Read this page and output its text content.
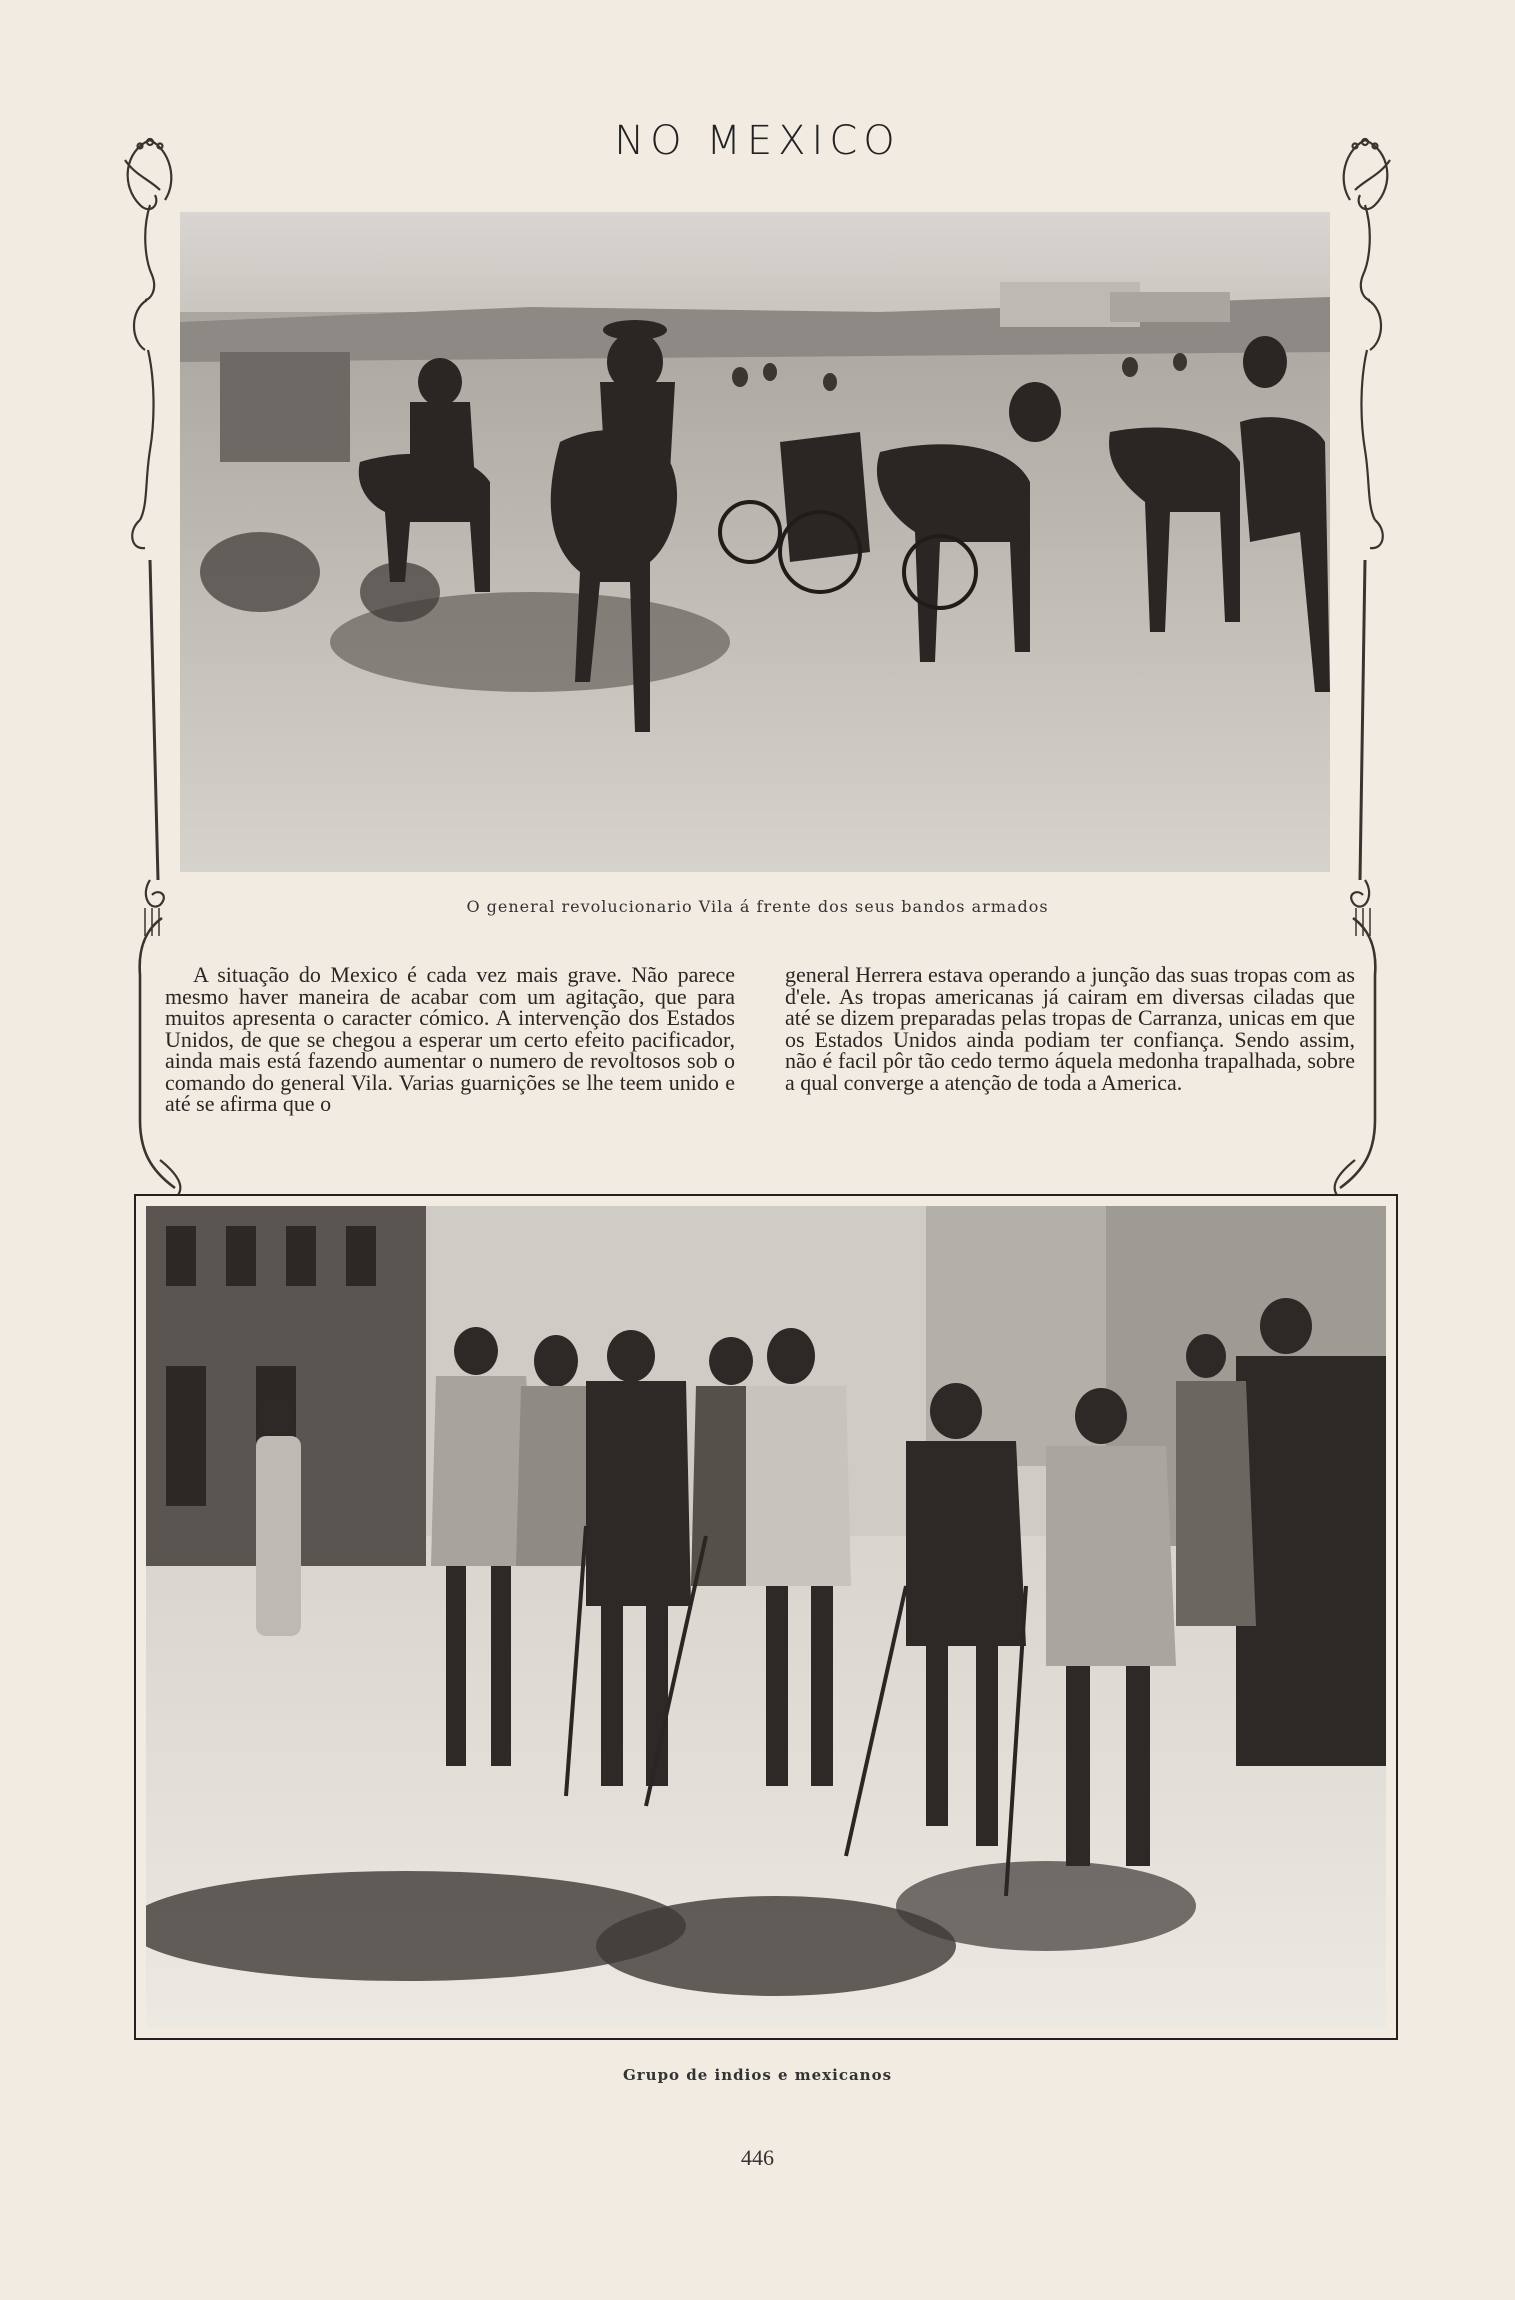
NO MEXICO
O general revolucionario Vila á frente dos seus bandos armados

A situação do Mexico é cada vez mais grave. Não parece mesmo haver maneira de acabar com um agitação, que para muitos apresenta o caracter cómico. A intervenção dos Estados Unidos, de que se chegou a esperar um certo efeito pacificador, ainda mais está fazendo aumentar o numero de revoltosos sob o comando do general Vila. Varias guarnições se lhe teem unido e até se afirma que o

general Herrera estava operando a junção das suas tropas com as d'ele. As tropas americanas já cairam em diversas ciladas que até se dizem preparadas pelas tropas de Carranza, unicas em que os Estados Unidos ainda podiam ter confiança. Sendo assim, não é facil pôr tão cedo termo áquela medonha trapalhada, sobre a qual converge a atenção de toda a America.

Grupo de indios e mexicanos
446
